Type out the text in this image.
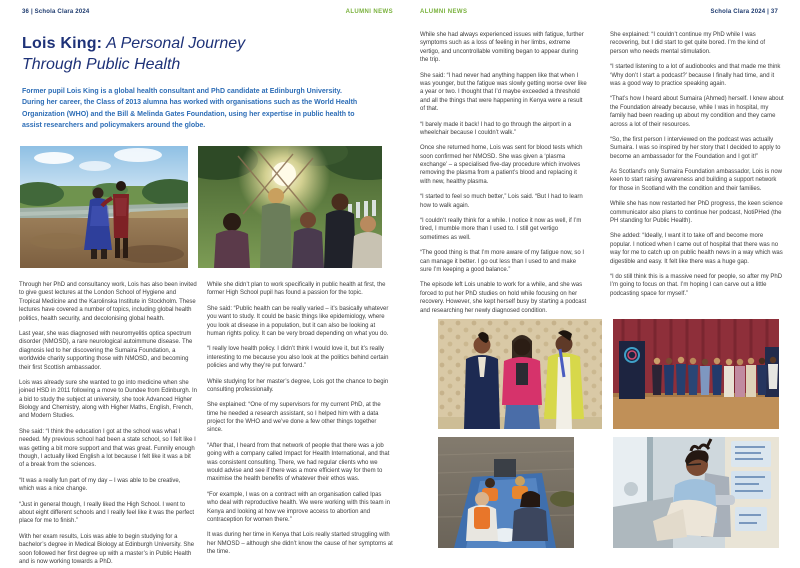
36 | Schola Clara 2024	ALUMNI NEWS	ALUMNI NEWS	Schola Clara 2024 | 37
Lois King: A Personal Journey Through Public Health
Former pupil Lois King is a global health consultant and PhD candidate at Edinburgh University. During her career, the Class of 2013 alumna has worked with organisations such as the World Health Organization (WHO) and the Bill & Melinda Gates Foundation, using her expertise in public health to assist researchers and policymakers around the globe.

Through her PhD and consultancy work, Lois has also been invited to give guest lectures at the London School of Hygiene and Tropical Medicine and the Karolinska Institute in Stockholm. These lectures have covered a number of topics, including global health politics, health security, and decolonising global health.

Last year, she was diagnosed with neuromyelitis optica spectrum disorder (NMOSD), a rare neurological autoimmune disease. The diagnosis led to her discovering the Sumaira Foundation, a worldwide charity supporting those with NMOSD, and becoming their first Scottish ambassador.

Lois was already sure she wanted to go into medicine when she joined HSD in 2011 following a move to Dundee from Edinburgh. In a bid to study the subject at university, she took Advanced Higher Biology and Chemistry, along with Higher Maths, English, French, and Modern Studies.

She said: “I think the education I got at the school was what I needed. My previous school had been a state school, so I felt like I was getting a bit more support and that was great. Funnily enough though, I actually liked English a lot because I felt like it was a bit of a break from the sciences.

“It was a really fun part of my day – I was able to be creative, which was a nice change.

“Just in general though, I really liked the High School. I went to about eight different schools and I really feel like it was the perfect place for me to finish.”

With her exam results, Lois was able to begin studying for a bachelor’s degree in Medical Biology at Edinburgh University. She soon followed her first degree up with a master’s in Public Health and is now working towards a PhD.

While she didn’t plan to work specifically in public health at first, the former High School pupil has found a passion for the topic.

She said: “Public health can be really varied – it’s basically whatever you want to study. It could be basic things like epidemiology, where you look at disease in a population, but it can also be looking at human rights policy. It can be very broad depending on what you do.

“I really love health policy. I didn’t think I would love it, but it’s really interesting to me because you also look at the politics behind certain policies and why they’re put forward.”

While studying for her master’s degree, Lois got the chance to begin consulting professionally.

She explained: “One of my supervisors for my current PhD, at the time he needed a research assistant, so I helped him with a data project for the WHO and we’ve done a few other things together since.

“After that, I heard from that network of people that there was a job going with a company called Impact for Health International, and that was consistent consulting. There, we had regular clients who we would advise and see if there was a more efficient way for them to maximise the health benefits of whatever their ethos was.

“For example, I was on a contract with an organisation called Ipas who deal with reproductive health. We were working with this team in Kenya and looking at how we improve access to abortion and contraception for women there.”

It was during her time in Kenya that Lois really started struggling with her NMOSD – although she didn’t know the cause of her symptoms at the time.

While she had always experienced issues with fatigue, further symptoms such as a loss of feeling in her limbs, extreme vertigo, and uncontrollable vomiting began to appear during the trip.

She said: “I had never had anything happen like that when I was younger, but the fatigue was slowly getting worse over like a year or two. I thought that I’d maybe exceeded a threshold and all the things that were happening in Kenya were a result of that.

“I barely made it back! I had to go through the airport in a wheelchair because I couldn’t walk.”

Once she returned home, Lois was sent for blood tests which soon confirmed her NMOSD. She was given a ‘plasma exchange’ – a specialised five-day procedure which involves removing the plasma from a patient’s blood and replacing it with new, healthy plasma.

“I started to feel so much better,” Lois said. “But I had to learn how to walk again.

“I couldn’t really think for a while. I notice it now as well, if I’m tired, I mumble more than I used to. I still get vertigo sometimes as well.

“The good thing is that I’m more aware of my fatigue now, so I can manage it better. I go out less than I used to and make sure I’m keeping a good balance.”

The episode left Lois unable to work for a while, and she was forced to put her PhD studies on hold while focusing on her recovery. However, she kept herself busy by starting a podcast and researching her newly diagnosed condition.

She explained: “I couldn’t continue my PhD while I was recovering, but I did start to get quite bored. I’m the kind of person who needs mental stimulation.

“I started listening to a lot of audiobooks and that made me think ‘Why don’t I start a podcast?’ because I finally had time, and it was a good way to practice speaking again.

“That’s how I heard about Sumaira (Ahmed) herself. I knew about the Foundation already because, while I was in hospital, my family had been reading up about my condition and they came across a lot of their resources.

“So, the first person I interviewed on the podcast was actually Sumaira. I was so inspired by her story that I decided to apply to become an ambassador for the Foundation and I got it!”

As Scotland’s only Sumaira Foundation ambassador, Lois is now keen to start raising awareness and building a support network for those in Scotland with the condition and their families.

While she has now restarted her PhD progress, the keen science communicator also plans to continue her podcast, NotiPHed (the PH standing for Public Health).

She added: “Ideally, I want it to take off and become more popular. I noticed when I came out of hospital that there was no way for me to catch up on public health news in a way which was digestible and easy. It felt like there was a huge gap.

“I do still think this is a massive need for people, so after my PhD I’m going to focus on that. I’m hoping I can carve out a little podcasting space for myself.”
